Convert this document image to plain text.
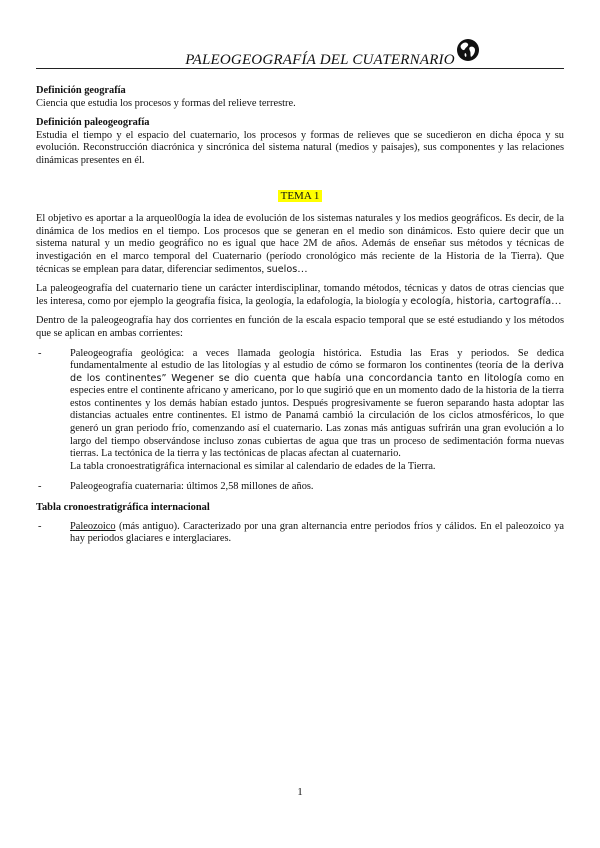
PALEOGEOGRAFÍA DEL CUATERNARIO

Definición geografía

Ciencia que estudia los procesos y formas del relieve terrestre.

Definición paleogeografía

Estudia el tiempo y el espacio del cuaternario, los procesos y formas de relieves que se sucedieron en dicha época y su evolución. Reconstrucción diacrónica y sincrónica del sistema natural (medios y paisajes), sus componentes y las relaciones dinámicas presentes en él.

TEMA 1

El objetivo es aportar a la arqueol0ogía la idea de evolución de los sistemas naturales y los medios geográficos. Es decir, de la dinámica de los medios en el tiempo. Los procesos que se generan en el medio son dinámicos. Esto quiere decir que un sistema natural y un medio geográfico no es igual que hace 2M de años. Además de enseñar sus métodos y técnicas de investigación en el marco temporal del Cuaternario (período cronológico más reciente de la Historia de la Tierra). Que técnicas se emplean para datar, diferenciar sedimentos, suelos…

La paleogeografía del cuaternario tiene un carácter interdisciplinar, tomando métodos, técnicas y datos de otras ciencias que les interesa, como por ejemplo la geografía física, la geología, la edafología, la biología y ecología, historia, cartografía…

Dentro de la paleogeografía hay dos corrientes en función de la escala espacio temporal que se esté estudiando y los métodos que se aplican en ambas corrientes:

-	Paleogeografía geológica: a veces llamada geología histórica. Estudia las Eras y periodos. Se dedica fundamentalmente al estudio de las litologías y al estudio de cómo se formaron los continentes (teoría de la deriva de los continentes” Wegener se dio cuenta que había una concordancia tanto en litología como en especies entre el continente africano y americano, por lo que sugirió que en un momento dado de la historia de la tierra estos continentes y los demás habían estado juntos. Después progresivamente se fueron separando hasta adoptar las distancias actuales entre continentes. El istmo de Panamá cambió la circulación de los ciclos atmosféricos, lo que generó un gran periodo frío, comenzando así el cuaternario. Las zonas más antiguas sufrirán una gran evolución a lo largo del tiempo observándose incluso zonas cubiertas de agua que tras un proceso de sedimentación forma nuevas tierras. La tectónica de la tierra y las tectónicas de placas afectan al cuaternario.
La tabla cronoestratigráfica internacional es similar al calendario de edades de la Tierra.
-	Paleogeografía cuaternaria: últimos 2,58 millones de años.

Tabla cronoestratigráfica internacional

-	Paleozoico (más antiguo). Caracterizado por una gran alternancia entre periodos fríos y cálidos. En el paleozoico ya hay periodos glaciares e interglaciares.
1
